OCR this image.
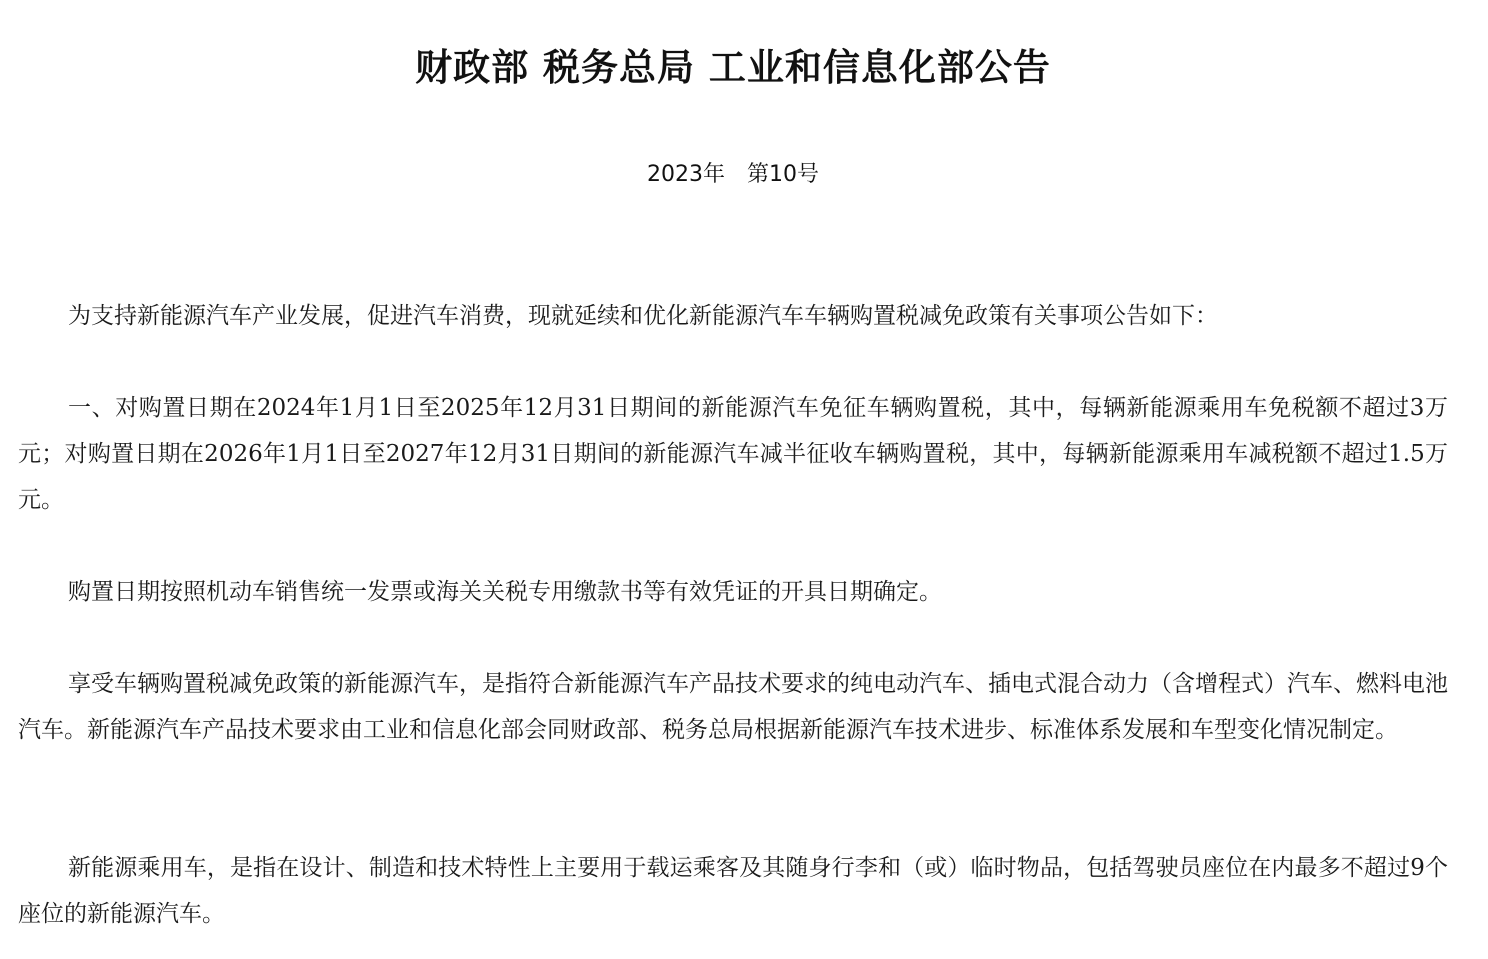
财政部 税务总局 工业和信息化部公告
2023年　第10号

为支持新能源汽车产业发展，促进汽车消费，现就延续和优化新能源汽车车辆购置税减免政策有关事项公告如下：

一、对购置日期在2024年1月1日至2025年12月31日期间的新能源汽车免征车辆购置税，其中，每辆新能源乘用车免税额不超过3万元；对购置日期在2026年1月1日至2027年12月31日期间的新能源汽车减半征收车辆购置税，其中，每辆新能源乘用车减税额不超过1.5万元。

购置日期按照机动车销售统一发票或海关关税专用缴款书等有效凭证的开具日期确定。

享受车辆购置税减免政策的新能源汽车，是指符合新能源汽车产品技术要求的纯电动汽车、插电式混合动力（含增程式）汽车、燃料电池汽车。新能源汽车产品技术要求由工业和信息化部会同财政部、税务总局根据新能源汽车技术进步、标准体系发展和车型变化情况制定。

新能源乘用车，是指在设计、制造和技术特性上主要用于载运乘客及其随身行李和（或）临时物品，包括驾驶员座位在内最多不超过9个座位的新能源汽车。
